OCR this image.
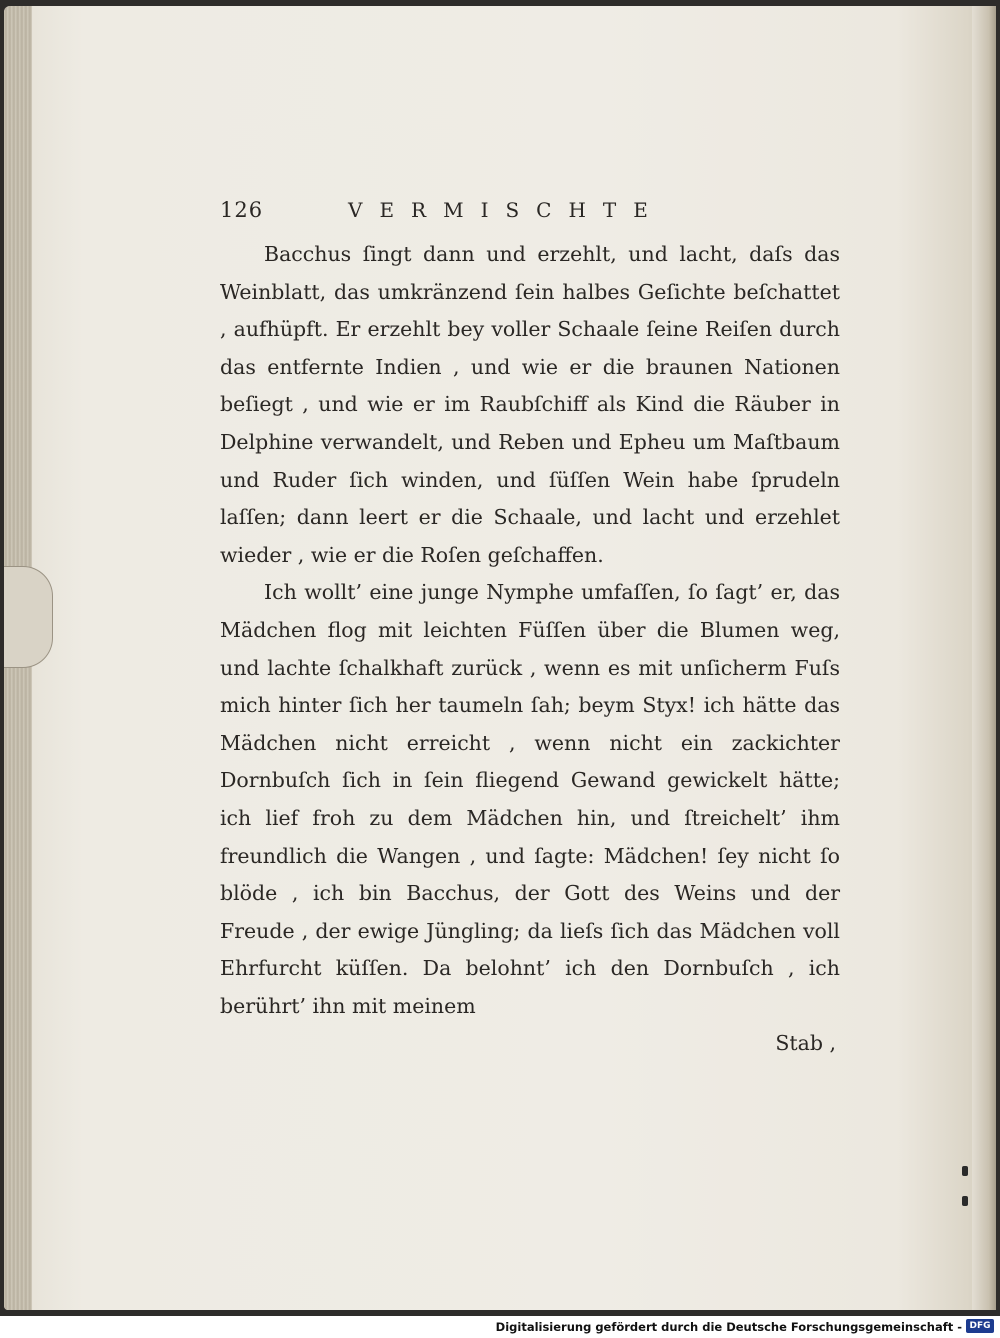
126	VERMISCHTE

Bacchus ſingt dann und erzehlt, und lacht, daſs das Weinblatt, das umkränzend ſein halbes Geſichte beſchattet , aufhüpft. Er erzehlt bey voller Schaale ſeine Reiſen durch das entfernte Indien , und wie er die braunen Nationen beſiegt , und wie er im Raubſchiff als Kind die Räuber in Delphine verwandelt, und Reben und Epheu um Maſtbaum und Ruder ſich winden, und ſüſſen Wein habe ſprudeln laſſen; dann leert er die Schaale, und lacht und erzehlet wieder , wie er die Roſen geſchaffen.

Ich wollt’ eine junge Nymphe umfaſſen, ſo ſagt’ er, das Mädchen flog mit leichten Füſſen über die Blumen weg, und lachte ſchalkhaft zurück , wenn es mit unſicherm Fuſs mich hinter ſich her taumeln ſah; beym Styx! ich hätte das Mädchen nicht erreicht , wenn nicht ein zackichter Dornbuſch ſich in ſein fliegend Gewand gewickelt hätte; ich lief froh zu dem Mädchen hin, und ſtreichelt’ ihm freundlich die Wangen , und ſagte: Mädchen! ſey nicht ſo blöde , ich bin Bacchus, der Gott des Weins und der Freude , der ewige Jüngling; da lieſs ſich das Mädchen voll Ehrfurcht küſſen. Da belohnt’ ich den Dornbuſch , ich berührt’ ihn mit meinem

Stab ,

Digitalisierung gefördert durch die Deutsche Forschungsgemeinschaft - DFG
